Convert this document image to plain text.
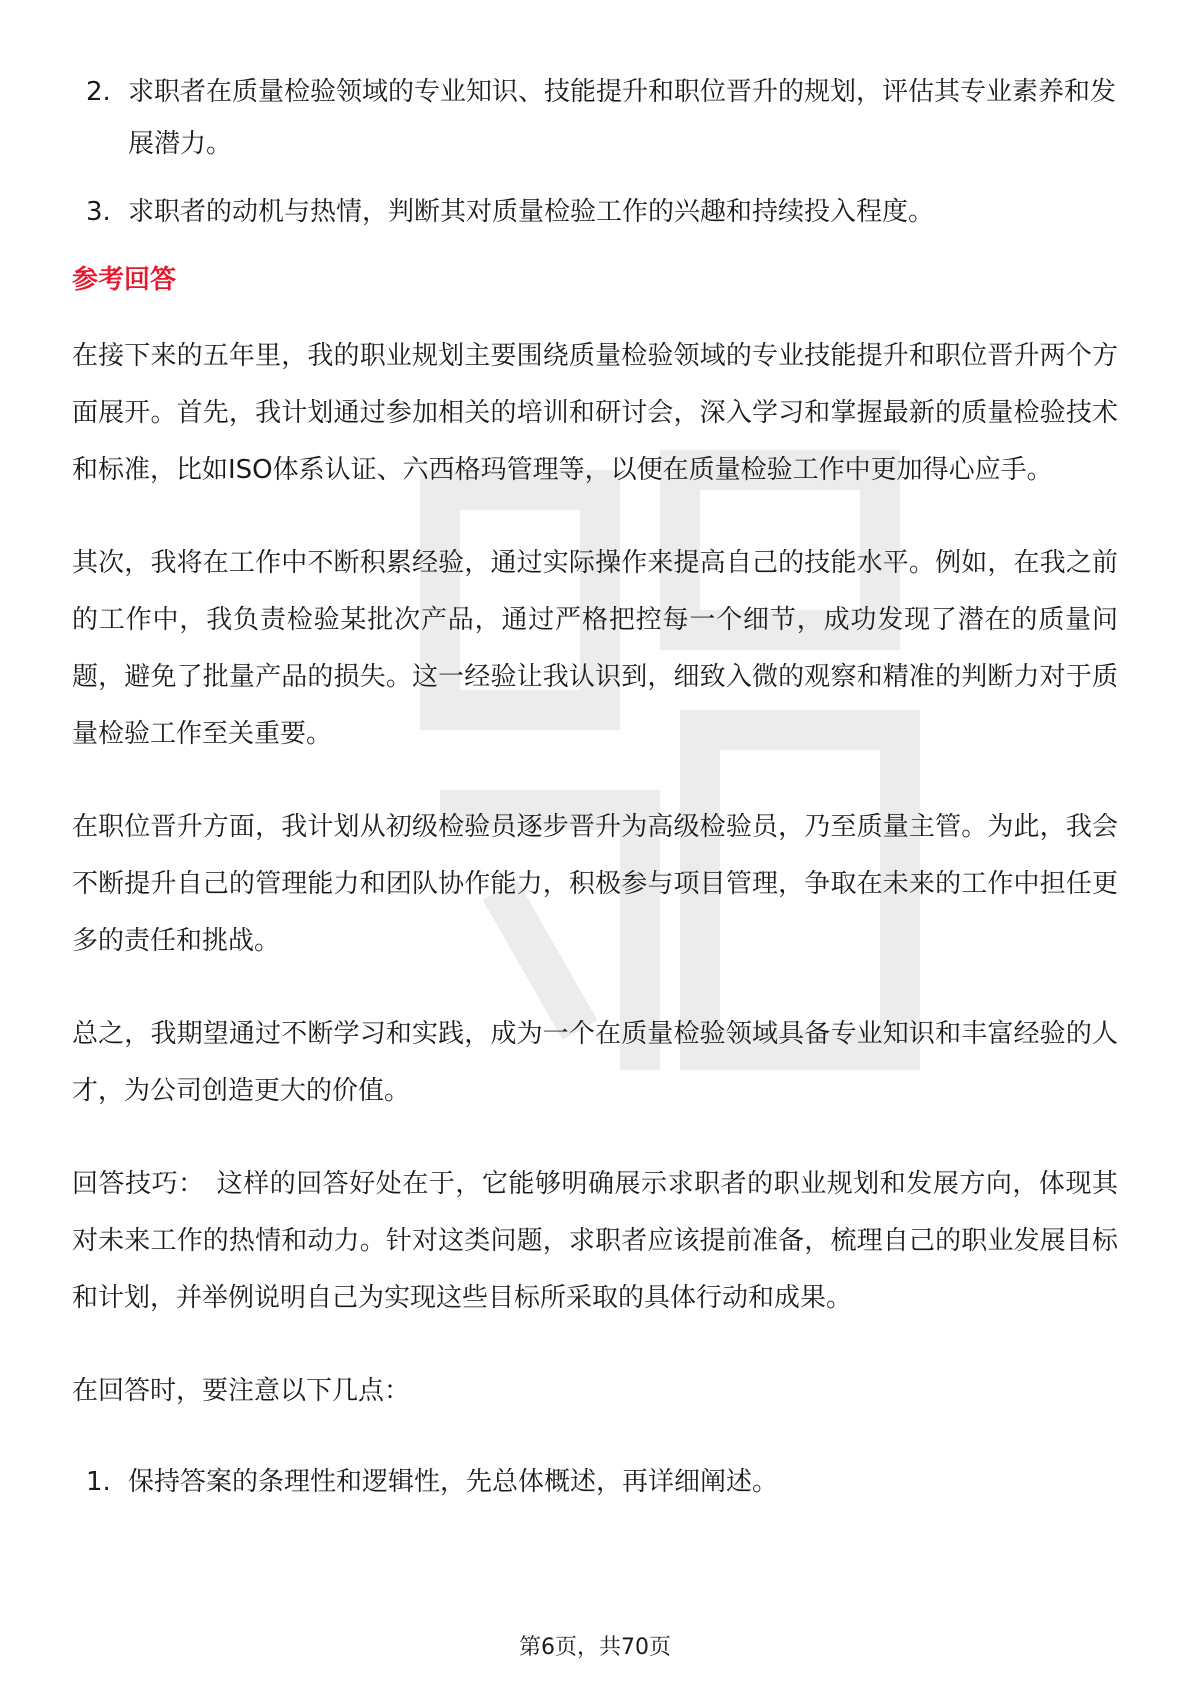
2. 求职者在质量检验领域的专业知识、技能提升和职位晋升的规划，评估其专业素养和发展潜力。
3. 求职者的动机与热情，判断其对质量检验工作的兴趣和持续投入程度。
参考回答

在接下来的五年里，我的职业规划主要围绕质量检验领域的专业技能提升和职位晋升两个方面展开。首先，我计划通过参加相关的培训和研讨会，深入学习和掌握最新的质量检验技术和标准，比如ISO体系认证、六西格玛管理等，以便在质量检验工作中更加得心应手。

其次，我将在工作中不断积累经验，通过实际操作来提高自己的技能水平。例如，在我之前的工作中，我负责检验某批次产品，通过严格把控每一个细节，成功发现了潜在的质量问题，避免了批量产品的损失。这一经验让我认识到，细致入微的观察和精准的判断力对于质量检验工作至关重要。

在职位晋升方面，我计划从初级检验员逐步晋升为高级检验员，乃至质量主管。为此，我会不断提升自己的管理能力和团队协作能力，积极参与项目管理，争取在未来的工作中担任更多的责任和挑战。

总之，我期望通过不断学习和实践，成为一个在质量检验领域具备专业知识和丰富经验的人才，为公司创造更大的价值。

回答技巧： 这样的回答好处在于，它能够明确展示求职者的职业规划和发展方向，体现其对未来工作的热情和动力。针对这类问题，求职者应该提前准备，梳理自己的职业发展目标和计划，并举例说明自己为实现这些目标所采取的具体行动和成果。

在回答时，要注意以下几点：

1. 保持答案的条理性和逻辑性，先总体概述，再详细阐述。
第6页，共70页
